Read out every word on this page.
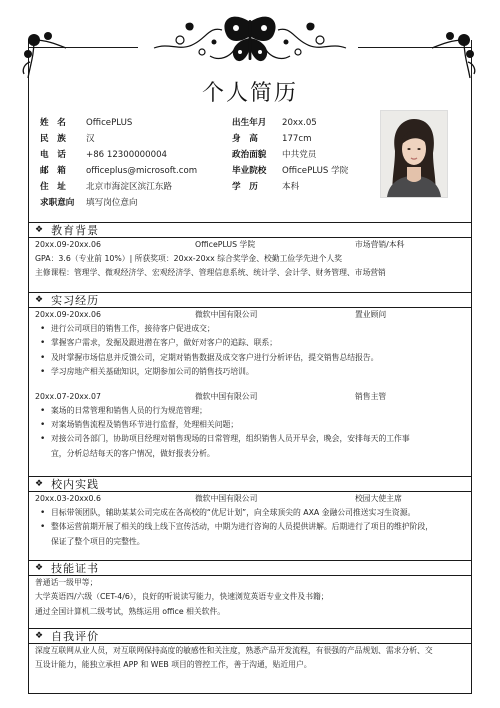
个人简历
姓　名 OfficePLUS
民　族 汉
电　话 +86 12300000004
邮　箱 officeplus@microsoft.com
住　址 北京市海淀区滨江东路
求职意向 填写岗位意向
出生年月 20xx.05
身　高	177cm
政治面貌 中共党员
毕业院校 OfficePLUS 学院
学　历	本科
❖ 教育背景
20xx.09-20xx.06	OfficePLUS 学院	市场营销/本科
GPA：3.6（专业前 10%）| 所获奖项：20xx-20xx 综合奖学金、校勤工俭学先进个人奖
主修课程：管理学、微观经济学、宏观经济学、管理信息系统、统计学、会计学、财务管理、市场营销
❖ 实习经历
20xx.09-20xx.06	微软中国有限公司	置业顾问
• 进行公司项目的销售工作，接待客户促进成交；
• 掌握客户需求，发掘及跟进潜在客户，做好对客户的追踪、联系；
• 及时掌握市场信息并反馈公司，定期对销售数据及成交客户进行分析评估，提交销售总结报告。
• 学习房地产相关基础知识，定期参加公司的销售技巧培训。
20xx.07-20xx.07	微软中国有限公司	销售主管
• 案场的日常管理和销售人员的行为规范管理；
• 对案场销售流程及销售环节进行监督，处理相关问题；
• 对接公司各部门，协助项目经理对销售现场的日常管理，组织销售人员开早会，晚会，安排每天的工作事
宜，分析总结每天的客户情况，做好报表分析。
❖ 校内实践
20xx.03-20xx0.6	微软中国有限公司	校园大使主席
• 目标带领团队，辅助某某公司完成在各高校的“优尼计划”，向全球顶尖的 AXA 金融公司推送实习生资源。
• 整体运营前期开展了相关的线上线下宣传活动，中期为进行咨询的人员提供讲解。后期进行了项目的维护阶段，
保证了整个项目的完整性。
❖ 技能证书
普通话一级甲等；
大学英语四/六级（CET-4/6），良好的听说读写能力，快速浏览英语专业文件及书籍；
通过全国计算机二级考试，熟练运用 office 相关软件。
❖ 自我评价
深度互联网从业人员，对互联网保持高度的敏感性和关注度，熟悉产品开发流程，有很强的产品规划、需求分析、交
互设计能力，能独立承担 APP 和 WEB 项目的管控工作，善于沟通，贴近用户。
